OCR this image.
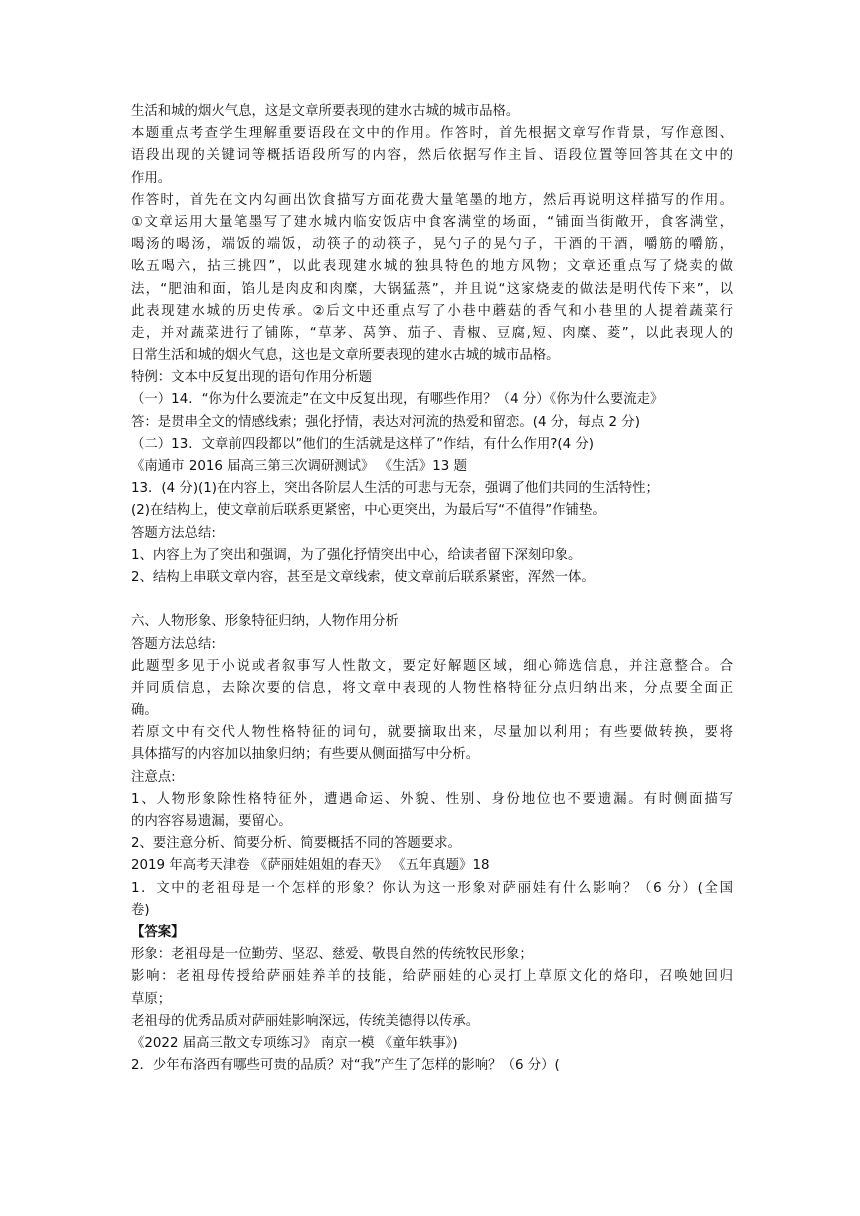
生活和城的烟火气息，这是文章所要表现的建水古城的城市品格。
本题重点考查学生理解重要语段在文中的作用。作答时，首先根据文章写作背景，写作意图、
语段出现的关键词等概括语段所写的内容，然后依据写作主旨、语段位置等回答其在文中的
作用。
作答时，首先在文内勾画出饮食描写方面花费大量笔墨的地方，然后再说明这样描写的作用。
①文章运用大量笔墨写了建水城内临安饭店中食客满堂的场面，“铺面当街敞开，食客满堂，
喝汤的喝汤，端饭的端饭，动筷子的动筷子，晃勺子的晃勺子，干酒的干酒，嚼筋的嚼筋，
吆五喝六，拈三挑四”，以此表现建水城的独具特色的地方风物；文章还重点写了烧卖的做
法，“肥油和面，馅儿是肉皮和肉糜，大锅猛蒸”，并且说“这家烧麦的做法是明代传下来”，以
此表现建水城的历史传承。②后文中还重点写了小巷中蘑菇的香气和小巷里的人提着蔬菜行
走，并对蔬菜进行了铺陈，“草茅、莴笋、茄子、青椒、豆腐,短、肉糜、菱”，以此表现人的
日常生活和城的烟火气息，这也是文章所要表现的建水古城的城市品格。
特例：文本中反复出现的语句作用分析题
（一）14．“你为什么要流走”在文中反复出现，有哪些作用？（4 分）《你为什么要流走》
答：是贯串全文的情感线索；强化抒情，表达对河流的热爱和留恋。(4 分，每点 2 分)
（二）13．文章前四段都以”他们的生活就是这样了”作结，有什么作用?(4 分)
《南通市 2016 届高三第三次调研测试》 《生活》13 题
13．(4 分)(1)在内容上，突出各阶层人生活的可悲与无奈，强调了他们共同的生活特性；
(2)在结构上，使文章前后联系更紧密，中心更突出，为最后写“不值得”作铺垫。
答题方法总结:
1、内容上为了突出和强调，为了强化抒情突出中心，给读者留下深刻印象。
2、结构上串联文章内容，甚至是文章线索，使文章前后联系紧密，浑然一体。
六、人物形象、形象特征归纳，人物作用分析
答题方法总结:
此题型多见于小说或者叙事写人性散文，要定好解题区域，细心筛选信息，并注意整合。合
并同质信息，去除次要的信息，将文章中表现的人物性格特征分点归纳出来，分点要全面正
确。
若原文中有交代人物性格特征的词句，就要摘取出来，尽量加以利用；有些要做转换，要将
具体描写的内容加以抽象归纳；有些要从侧面描写中分析。
注意点:
1、人物形象除性格特征外，遭遇命运、外貌、性别、身份地位也不要遗漏。有时侧面描写
的内容容易遗漏，要留心。
2、要注意分析、简要分析、简要概括不同的答题要求。
2019 年高考天津卷 《萨丽娃姐姐的春天》 《五年真题》18
1．文中的老祖母是一个怎样的形象？你认为这一形象对萨丽娃有什么影响？（6 分）(全国
卷)
【答案】
形象：老祖母是一位勤劳、坚忍、慈爱、敬畏自然的传统牧民形象；
影响：老祖母传授给萨丽娃养羊的技能，给萨丽娃的心灵打上草原文化的烙印，召唤她回归
草原；
老祖母的优秀品质对萨丽娃影响深远，传统美德得以传承。
《2022 届高三散文专项练习》 南京一模 《童年轶事》)
2．少年布洛西有哪些可贵的品质？对“我”产生了怎样的影响？（6 分）(
